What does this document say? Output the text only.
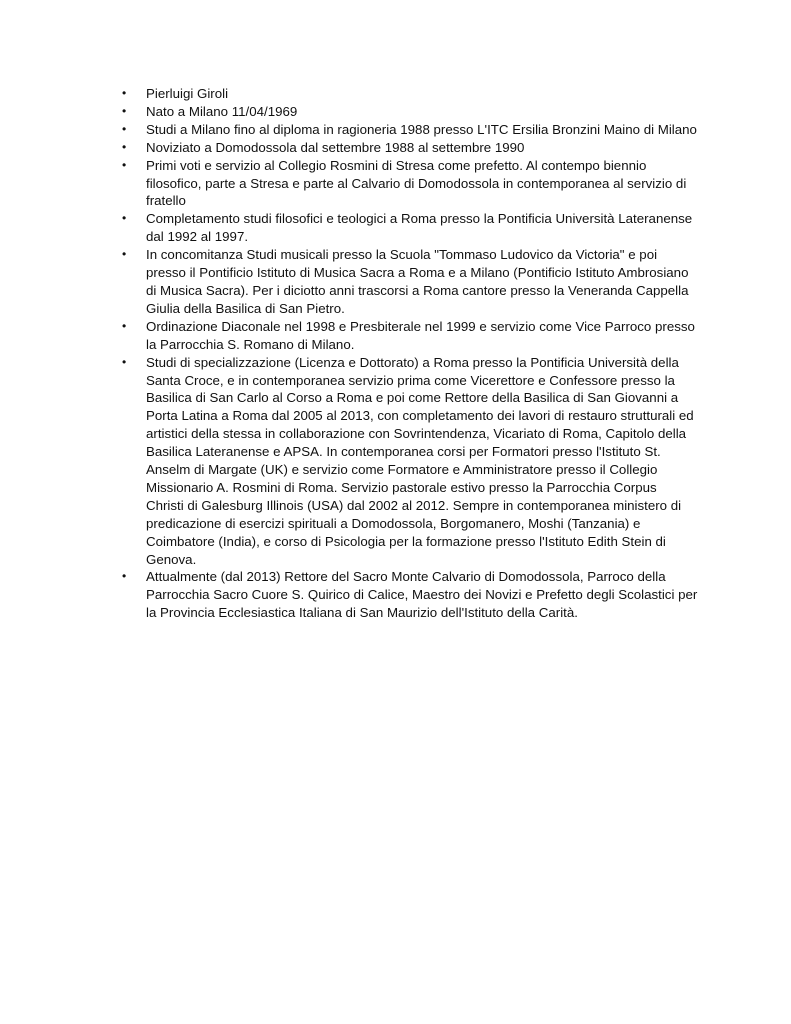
• Pierluigi Giroli
• Nato a Milano 11/04/1969
• Studi a Milano fino al diploma in ragioneria 1988 presso L'ITC Ersilia Bronzini Maino di Milano
• Noviziato a Domodossola dal settembre 1988 al settembre 1990
• Primi voti e servizio al Collegio Rosmini di Stresa come prefetto. Al contempo biennio filosofico, parte a Stresa e parte al Calvario di Domodossola in contemporanea al servizio di fratello
• Completamento studi filosofici e teologici a Roma presso la Pontificia Università Lateranense dal 1992 al 1997.
• In concomitanza Studi musicali presso la Scuola "Tommaso Ludovico da Victoria" e poi presso il Pontificio Istituto di Musica Sacra a Roma e a Milano (Pontificio Istituto Ambrosiano di Musica Sacra). Per i diciotto anni trascorsi a Roma cantore presso la Veneranda Cappella Giulia della Basilica di San Pietro.
• Ordinazione Diaconale nel 1998 e Presbiterale nel 1999 e servizio come Vice Parroco presso la Parrocchia S. Romano di Milano.
• Studi di specializzazione (Licenza e Dottorato) a Roma presso la Pontificia Università della Santa Croce, e in contemporanea servizio prima come Vicerettore e Confessore presso la Basilica di San Carlo al Corso a Roma e poi come Rettore della Basilica di San Giovanni a Porta Latina a Roma dal 2005 al 2013, con completamento dei lavori di restauro strutturali ed artistici della stessa in collaborazione con Sovrintendenza, Vicariato di Roma, Capitolo della Basilica Lateranense e APSA. In contemporanea corsi per Formatori presso l'Istituto St. Anselm di Margate (UK) e servizio come Formatore e Amministratore presso il Collegio Missionario A. Rosmini di Roma. Servizio pastorale estivo presso la Parrocchia Corpus Christi di Galesburg Illinois (USA) dal 2002 al 2012. Sempre in contemporanea ministero di predicazione di esercizi spirituali a Domodossola, Borgomanero, Moshi (Tanzania) e Coimbatore (India), e corso di Psicologia per la formazione presso l'Istituto Edith Stein di Genova.
• Attualmente (dal 2013) Rettore del Sacro Monte Calvario di Domodossola, Parroco della Parrocchia Sacro Cuore S. Quirico di Calice, Maestro dei Novizi e Prefetto degli Scolastici per la Provincia Ecclesiastica Italiana di San Maurizio dell'Istituto della Carità.
